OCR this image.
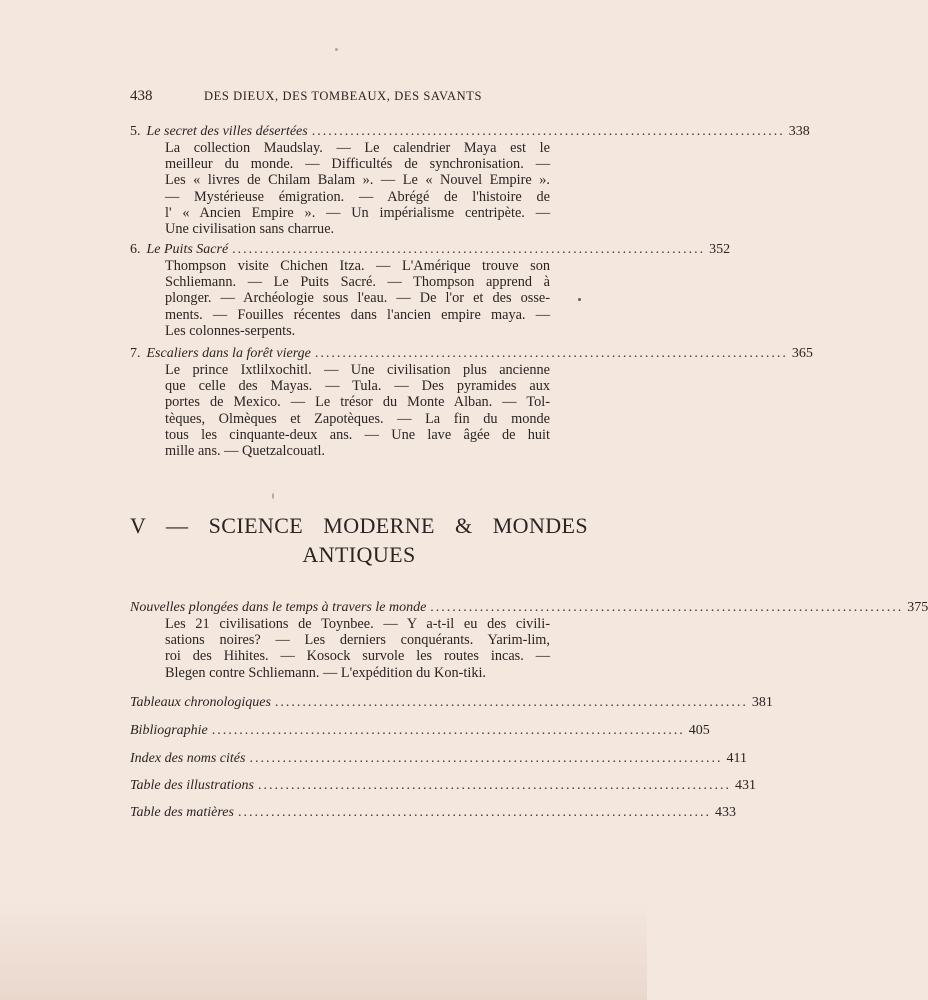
438	DES DIEUX, DES TOMBEAUX, DES SAVANTS
5. Le secret des villes désertées ...................................................................................... 338
La collection Maudslay. — Le calendrier Maya est le
meilleur du monde. — Difficultés de synchronisation. —
Les « livres de Chilam Balam ». — Le « Nouvel Empire ».
— Mystérieuse émigration. — Abrégé de l'histoire de
l' « Ancien Empire ». — Un impérialisme centripète. —
Une civilisation sans charrue.
6. Le Puits Sacré ...................................................................................... 352
Thompson visite Chichen Itza. — L'Amérique trouve son
Schliemann. — Le Puits Sacré. — Thompson apprend à
plonger. — Archéologie sous l'eau. — De l'or et des osse-
ments. — Fouilles récentes dans l'ancien empire maya. —
Les colonnes-serpents.
7. Escaliers dans la forêt vierge ...................................................................................... 365
Le prince Ixtlilxochitl. — Une civilisation plus ancienne
que celle des Mayas. — Tula. — Des pyramides aux
portes de Mexico. — Le trésor du Monte Alban. — Tol-
tèques, Olmèques et Zapotèques. — La fin du monde
tous les cinquante-deux ans. — Une lave âgée de huit
mille ans. — Quetzalcouatl.
V — SCIENCE MODERNE & MONDES
ANTIQUES
Nouvelles plongées dans le temps à travers le monde ...................................................................................... 375
Les 21 civilisations de Toynbee. — Y a-t-il eu des civili-
sations noires? — Les derniers conquérants. Yarim-lim,
roi des Hihites. — Kosock survole les routes incas. —
Blegen contre Schliemann. — L'expédition du Kon-tiki.
Tableaux chronologiques ...................................................................................... 381
Bibliographie ...................................................................................... 405
Index des noms cités ...................................................................................... 411
Table des illustrations ...................................................................................... 431
Table des matières ...................................................................................... 433
